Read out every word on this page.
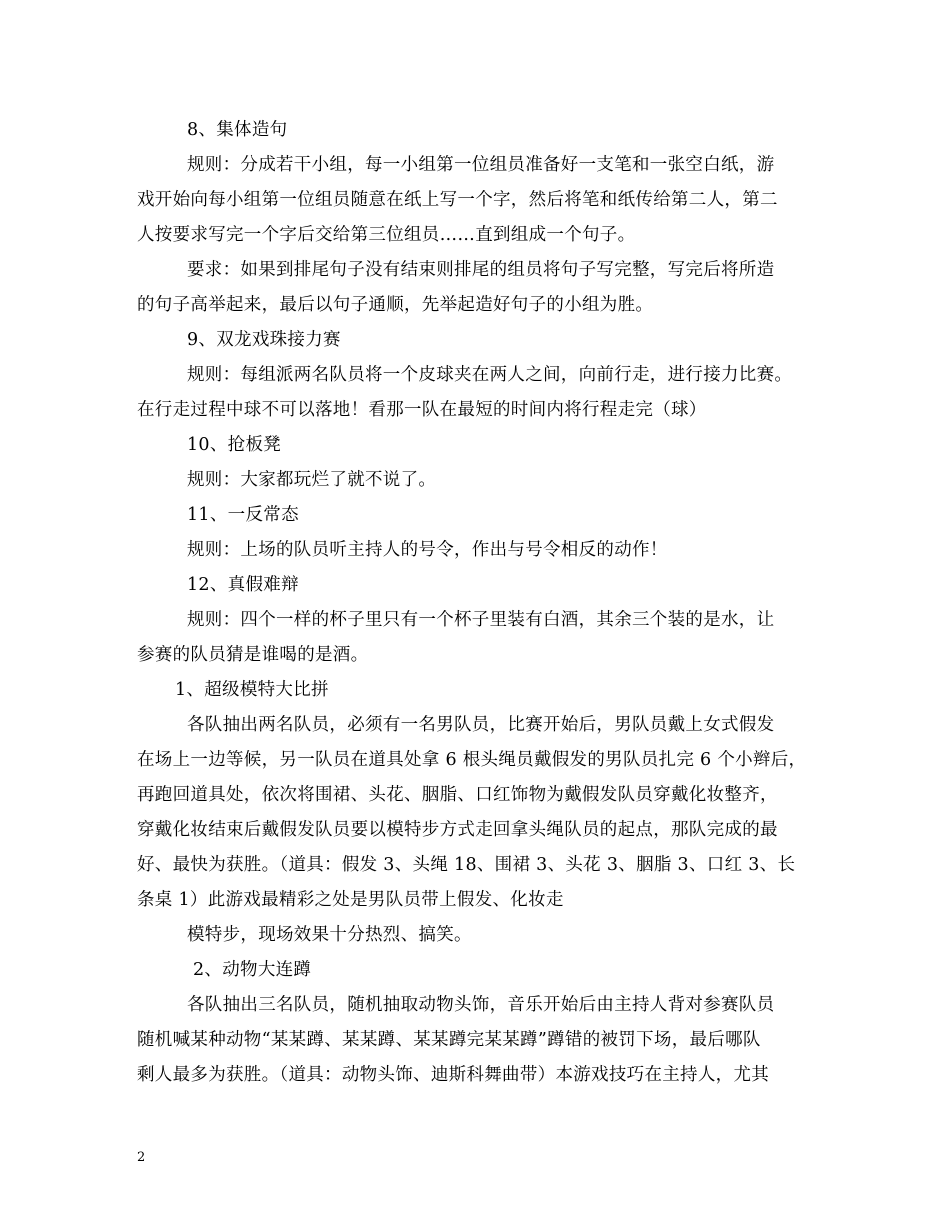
8、集体造句
规则：分成若干小组，每一小组第一位组员准备好一支笔和一张空白纸，游
戏开始向每小组第一位组员随意在纸上写一个字，然后将笔和纸传给第二人，第二
人按要求写完一个字后交给第三位组员……直到组成一个句子。
要求：如果到排尾句子没有结束则排尾的组员将句子写完整，写完后将所造
的句子高举起来，最后以句子通顺，先举起造好句子的小组为胜。
9、双龙戏珠接力赛
规则：每组派两名队员将一个皮球夹在两人之间，向前行走，进行接力比赛。
在行走过程中球不可以落地！看那一队在最短的时间内将行程走完（球）
10、抢板凳
规则：大家都玩烂了就不说了。
11、一反常态
规则：上场的队员听主持人的号令，作出与号令相反的动作！
12、真假难辩
规则：四个一样的杯子里只有一个杯子里装有白酒，其余三个装的是水，让
参赛的队员猜是谁喝的是酒。
1、超级模特大比拼
各队抽出两名队员，必须有一名男队员，比赛开始后，男队员戴上女式假发
在场上一边等候，另一队员在道具处拿 6 根头绳员戴假发的男队员扎完 6 个小辫后，
再跑回道具处，依次将围裙、头花、胭脂、口红饰物为戴假发队员穿戴化妆整齐，
穿戴化妆结束后戴假发队员要以模特步方式走回拿头绳队员的起点，那队完成的最
好、最快为获胜。（道具：假发 3、头绳 18、围裙 3、头花 3、胭脂 3、口红 3、长
条桌 1）此游戏最精彩之处是男队员带上假发、化妆走
模特步，现场效果十分热烈、搞笑。
2、动物大连蹲
各队抽出三名队员，随机抽取动物头饰，音乐开始后由主持人背对参赛队员
随机喊某种动物“某某蹲、某某蹲、某某蹲完某某蹲”蹲错的被罚下场，最后哪队
剩人最多为获胜。（道具：动物头饰、迪斯科舞曲带）本游戏技巧在主持人，尤其
2
